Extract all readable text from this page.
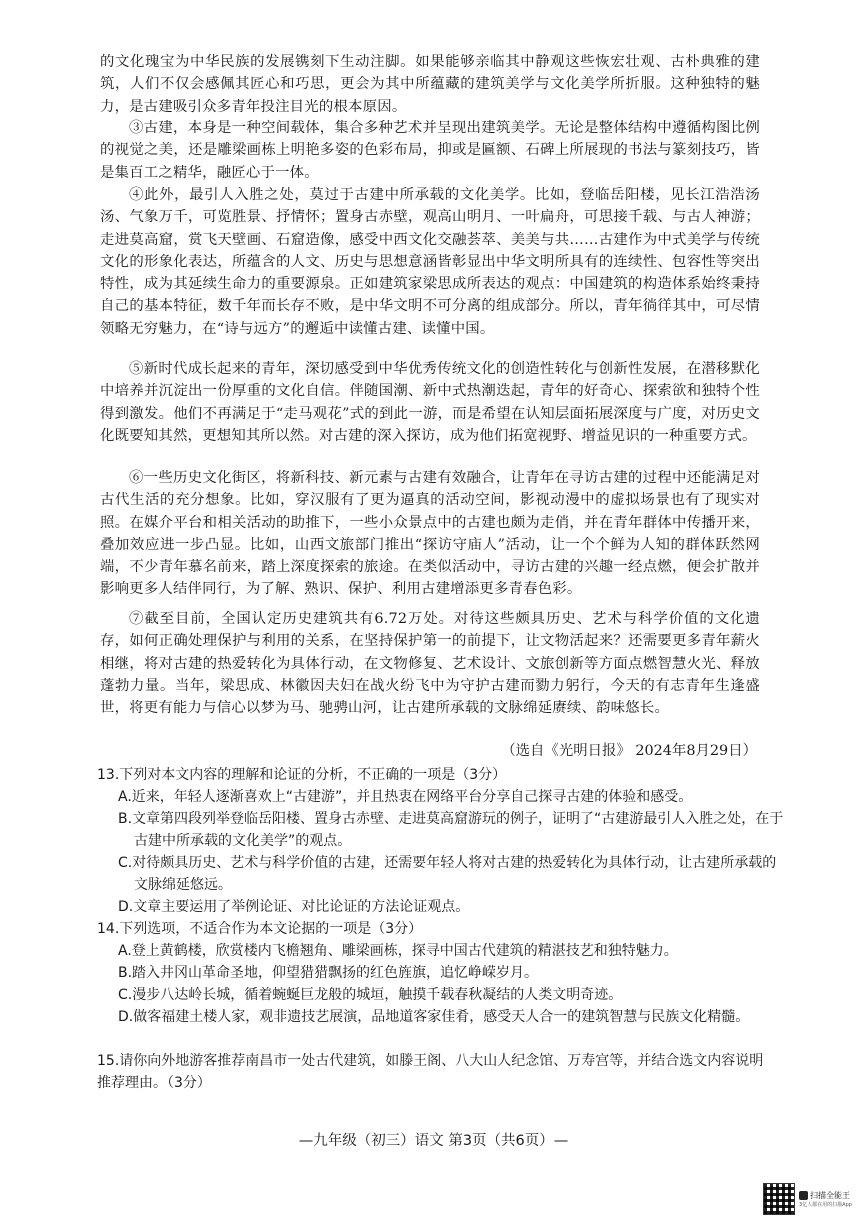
的文化瑰宝为中华民族的发展镌刻下生动注脚。如果能够亲临其中静观这些恢宏壮观、古朴典雅的建筑，人们不仅会感佩其匠心和巧思，更会为其中所蕴藏的建筑美学与文化美学所折服。这种独特的魅力，是古建吸引众多青年投注目光的根本原因。

③古建，本身是一种空间载体，集合多种艺术并呈现出建筑美学。无论是整体结构中遵循构图比例的视觉之美，还是雕梁画栋上明艳多姿的色彩布局，抑或是匾额、石碑上所展现的书法与篆刻技巧，皆是集百工之精华，融匠心于一体。

④此外，最引人入胜之处，莫过于古建中所承载的文化美学。比如，登临岳阳楼，见长江浩浩汤汤、气象万千，可览胜景、抒情怀；置身古赤壁，观高山明月、一叶扁舟，可思接千载、与古人神游；走进莫高窟，赏飞天壁画、石窟造像，感受中西文化交融荟萃、美美与共……古建作为中式美学与传统文化的形象化表达，所蕴含的人文、历史与思想意涵皆彰显出中华文明所具有的连续性、包容性等突出特性，成为其延续生命力的重要源泉。正如建筑家梁思成所表达的观点：中国建筑的构造体系始终秉持自己的基本特征，数千年而长存不败，是中华文明不可分离的组成部分。所以，青年徜徉其中，可尽情领略无穷魅力，在“诗与远方”的邂逅中读懂古建、读懂中国。

⑤新时代成长起来的青年，深切感受到中华优秀传统文化的创造性转化与创新性发展，在潜移默化中培养并沉淀出一份厚重的文化自信。伴随国潮、新中式热潮迭起，青年的好奇心、探索欲和独特个性得到激发。他们不再满足于“走马观花”式的到此一游，而是希望在认知层面拓展深度与广度，对历史文化既要知其然，更想知其所以然。对古建的深入探访，成为他们拓宽视野、增益见识的一种重要方式。

⑥一些历史文化街区，将新科技、新元素与古建有效融合，让青年在寻访古建的过程中还能满足对古代生活的充分想象。比如，穿汉服有了更为逼真的活动空间，影视动漫中的虚拟场景也有了现实对照。在媒介平台和相关活动的助推下，一些小众景点中的古建也颇为走俏，并在青年群体中传播开来，叠加效应进一步凸显。比如，山西文旅部门推出“探访守庙人”活动，让一个个鲜为人知的群体跃然网端，不少青年慕名前来，踏上深度探索的旅途。在类似活动中，寻访古建的兴趣一经点燃，便会扩散并影响更多人结伴同行，为了解、熟识、保护、利用古建增添更多青春色彩。

⑦截至目前，全国认定历史建筑共有6.72万处。对待这些颇具历史、艺术与科学价值的文化遗存，如何正确处理保护与利用的关系，在坚持保护第一的前提下，让文物活起来？还需要更多青年薪火相继，将对古建的热爱转化为具体行动，在文物修复、艺术设计、文旅创新等方面点燃智慧火光、释放蓬勃力量。当年，梁思成、林徽因夫妇在战火纷飞中为守护古建而勠力躬行，今天的有志青年生逢盛世，将更有能力与信心以梦为马、驰骋山河，让古建所承载的文脉绵延赓续、韵味悠长。

（选自《光明日报》 2024年8月29日）

13.下列对本文内容的理解和论证的分析，不正确的一项是（3分）

A.近来，年轻人逐渐喜欢上“古建游”，并且热衷在网络平台分享自己探寻古建的体验和感受。

B.文章第四段列举登临岳阳楼、置身古赤壁、走进莫高窟游玩的例子，证明了“古建游最引人入胜之处，在于古建中所承载的文化美学”的观点。

C.对待颇具历史、艺术与科学价值的古建，还需要年轻人将对古建的热爱转化为具体行动，让古建所承载的文脉绵延悠远。

D.文章主要运用了举例论证、对比论证的方法论证观点。

14.下列选项，不适合作为本文论据的一项是（3分）

A.登上黄鹤楼，欣赏楼内飞檐翘角、雕梁画栋，探寻中国古代建筑的精湛技艺和独特魅力。

B.踏入井冈山革命圣地，仰望猎猎飘扬的红色旌旗，追忆峥嵘岁月。

C.漫步八达岭长城，循着蜿蜒巨龙般的城垣，触摸千载春秋凝结的人类文明奇迹。

D.做客福建土楼人家，观非遗技艺展演，品地道客家佳肴，感受天人合一的建筑智慧与民族文化精髓。

15.请你向外地游客推荐南昌市一处古代建筑，如滕王阁、八大山人纪念馆、万寿宫等，并结合选文内容说明推荐理由。（3分）

—九年级（初三）语文 第3页（共6页）—
扫描全能王
3亿人都在用的扫描App
